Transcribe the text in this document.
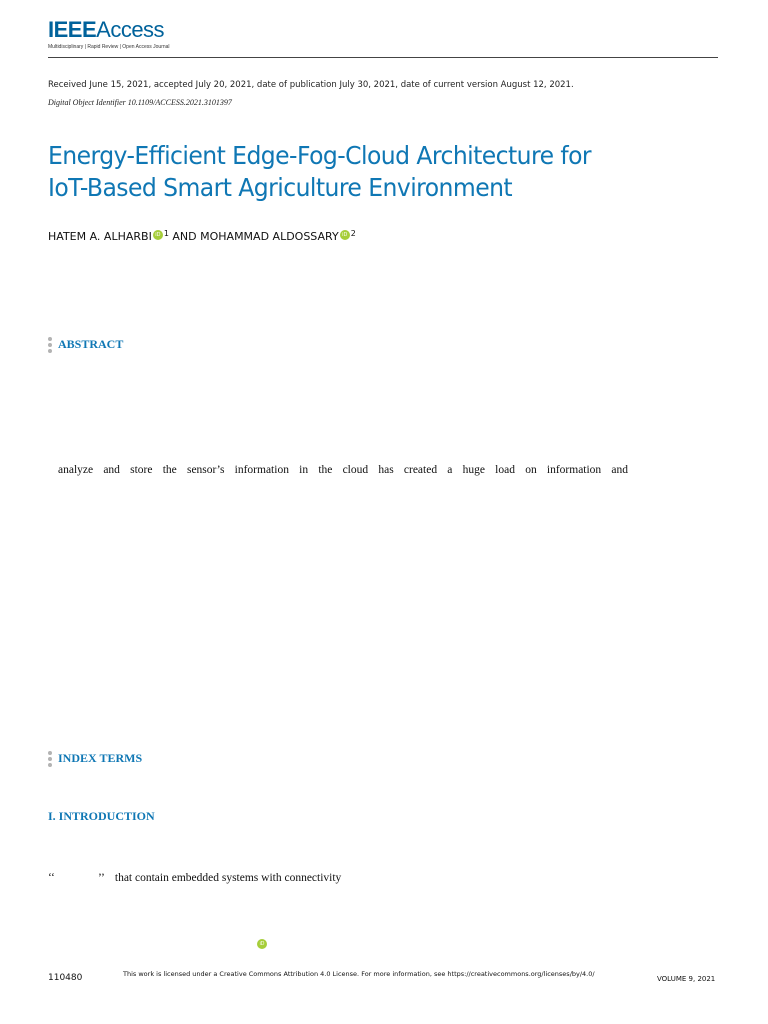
IEEEAccess
Multidisciplinary | Rapid Review | Open Access Journal
Received June 15, 2021, accepted July 20, 2021, date of publication July 30, 2021, date of current version August 12, 2021.
Digital Object Identifier 10.1109/ACCESS.2021.3101397
Energy-Efficient Edge-Fog-Cloud Architecture for
IoT-Based Smart Agriculture Environment
HATEM A. ALHARBI iD $^1$ AND MOHAMMAD ALDOSSARY iD $^2$
ABSTRACT
analyze and store the sensor’s information in the cloud has created a huge load on information and
INDEX TERMS
I. INTRODUCTION
‘‘	’’ that contain embedded systems with connectivity
iD
110480	This work is licensed under a Creative Commons Attribution 4.0 License. For more information, see https://creativecommons.org/licenses/by/4.0/
VOLUME 9, 2021
